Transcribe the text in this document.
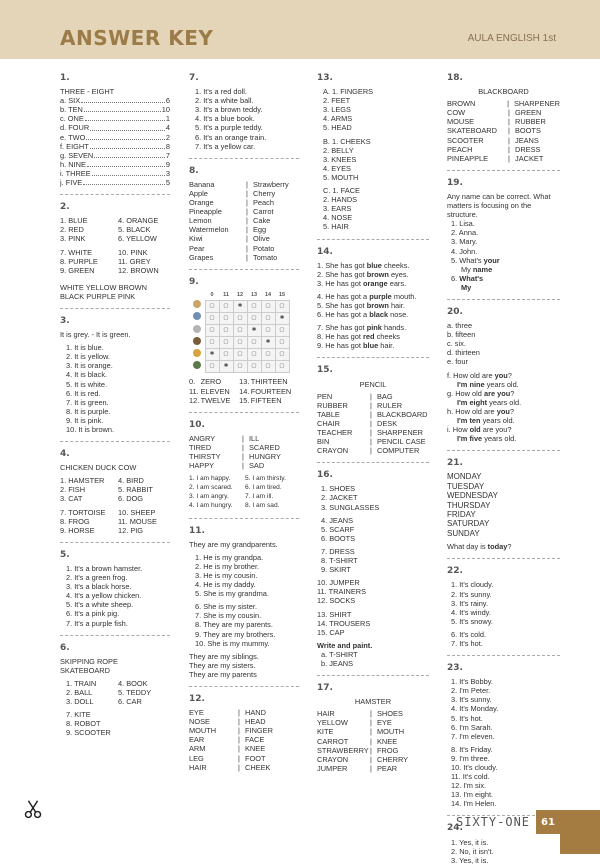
ANSWER KEY	AULA ENGLISH 1st
1.
THREE - EIGHT
a. SIX	6
b. TEN	10
c. ONE	1
d. FOUR	4
e. TWO	2
f. EIGHT	8
g. SEVEN	7
h. NINE	9
i. THREE	3
j. FIVE	5
2.
1. BLUE	4. ORANGE
2. RED	5. BLACK
3. PINK	6. YELLOW
7. WHITE	10. PINK
8. PURPLE	11. GREY
9. GREEN	12. BROWN
WHITE YELLOW BROWN
BLACK PURPLE PINK
3.
It is grey. - It is green.
1. It is blue.
2. It is yellow.
3. It is orange.
4. It is black.
5. It is white.
6. It is red.
7. It is green.
8. It is purple.
9. It is pink.
10. It is brown.
4.
CHICKEN DUCK COW
1. HAMSTER	4. BIRD
2. FISH	5. RABBIT
3. CAT	6. DOG
7. TORTOISE	10. SHEEP
8. FROG	11. MOUSE
9. HORSE	12. PIG
5.
1. It's a brown hamster.
2. It's a green frog.
3. It's a black horse.
4. It's a yellow chicken.
5. It's a white sheep.
6. It's a pink pig.
7. It's a purple fish.
6.
SKIPPING ROPE
SKATEBOARD
1. TRAIN	4. BOOK
2. BALL	5. TEDDY
3. DOLL	6. CAR
7. KITE
8. ROBOT
9. SCOOTER
7.
1. It's a red doll.
2. It's a white ball.
3. It's a brown teddy.
4. It's a blue book.
5. It's a purple teddy.
6. It's an orange train.
7. It's a yellow car.
8.
Banana	| Strawberry
Apple	| Cherry
Orange	| Peach
Pineapple	| Carrot
Lemon	| Cake
Watermelon	| Egg
Kiwi	| Olive
Pear	| Potato
Grapes	| Tomato
9.
	0	11	12	13	14	15
	▢	▢	✱	▢	▢	▢
	▢	▢	▢	▢	▢	✱
	▢	▢	▢	✱	▢	▢
	▢	▢	▢	▢	✱	▢
	✱	▢	▢	▢	▢	▢
	▢	✱	▢	▢	▢	▢
0. ZERO	13. THIRTEEN
11. ELEVEN	14. FOURTEEN
12. TWELVE	15. FIFTEEN
10.
ANGRY	| ILL
TIRED	| SCARED
THIRSTY	| HUNGRY
HAPPY	| SAD
1. I am happy.	5. I am thirsty.
2. I am scared.	6. I am tired.
3. I am angry.	7. I am ill.
4. I am hungry.	8. I am sad.
11.
They are my grandparents.
1. He is my grandpa.
2. He is my brother.
3. He is my cousin.
4. He is my daddy.
5. She is my grandma.
6. She is my sister.
7. She is my cousin.
8. They are my parents.
9. They are my brothers.
10. She is my mummy.
They are my siblings.
They are my sisters.
They are my parents
12.
EYE	| HAND
NOSE	| HEAD
MOUTH	| FINGER
EAR	| FACE
ARM	| KNEE
LEG	| FOOT
HAIR	| CHEEK
13.
A. 1. FINGERS
2. FEET
3. LEGS
4. ARMS
5. HEAD
B. 1. CHEEKS
2. BELLY
3. KNEES
4. EYES
5. MOUTH
C. 1. FACE
2. HANDS
3. EARS
4. NOSE
5. HAIR
14.
1. She has got blue cheeks.
2. She has got brown eyes.
3. He has got orange ears.
4. He has got a purple mouth.
5. She has got brown hair.
6. He has got a black nose.
7. She has got pink hands.
8. He has got red cheeks
9. He has got blue hair.
15.
PENCIL
PEN	| BAG
RUBBER	| RULER
TABLE	| BLACKBOARD
CHAIR	| DESK
TEACHER	| SHARPENER
BIN	| PENCIL CASE
CRAYON	| COMPUTER
16.
1. SHOES
2. JACKET
3. SUNGLASSES
4. JEANS
5. SCARF
6. BOOTS
7. DRESS
8. T-SHIRT
9. SKIRT
10. JUMPER
11. TRAINERS
12. SOCKS
13. SHIRT
14. TROUSERS
15. CAP
Write and paint.
a. T-SHIRT
b. JEANS
17.
HAMSTER
HAIR	| SHOES
YELLOW	| EYE
KITE	| MOUTH
CARROT	| KNEE
STRAWBERRY | FROG
CRAYON	| CHERRY
JUMPER	| PEAR
18.
BLACKBOARD
BROWN	| SHARPENER
COW	| GREEN
MOUSE	| RUBBER
SKATEBOARD	| BOOTS
SCOOTER	| JEANS
PEACH	| DRESS
PINEAPPLE	| JACKET
19.
Any name can be correct. What matters is focusing on the structure.
1. Lisa.
2. Anna.
3. Mary.
4. John.
5. What's your
My name
6. What's
My
20.
a. three
b. fifteen
c. six.
d. thirteen
e. four
f. How old are you?
I'm nine years old.
g. How old are you?
I'm eight years old.
h. How old are you?
I'm ten years old.
i. How old are you?
I'm five years old.
21.
MONDAY
TUESDAY
WEDNESDAY
THURSDAY
FRIDAY
SATURDAY
SUNDAY
What day is today?
22.
1. It's cloudy.
2. It's sunny.
3. It's rainy.
4. It's windy.
5. It's snowy.
6. It's cold.
7. It's hot.
23.
1. It's Bobby.
2. I'm Peter.
3. It's sunny.
4. It's Monday.
5. It's hot.
6. I'm Sarah.
7. I'm eleven.
8. It's Friday.
9. I'm three.
10. It's cloudy.
11. It's cold.
12. I'm six.
13. I'm eight.
14. I'm Helen.
24.
1. Yes, it is.
2. No, it isn't.
3. Yes, it is.
SIXTY-ONE	61
